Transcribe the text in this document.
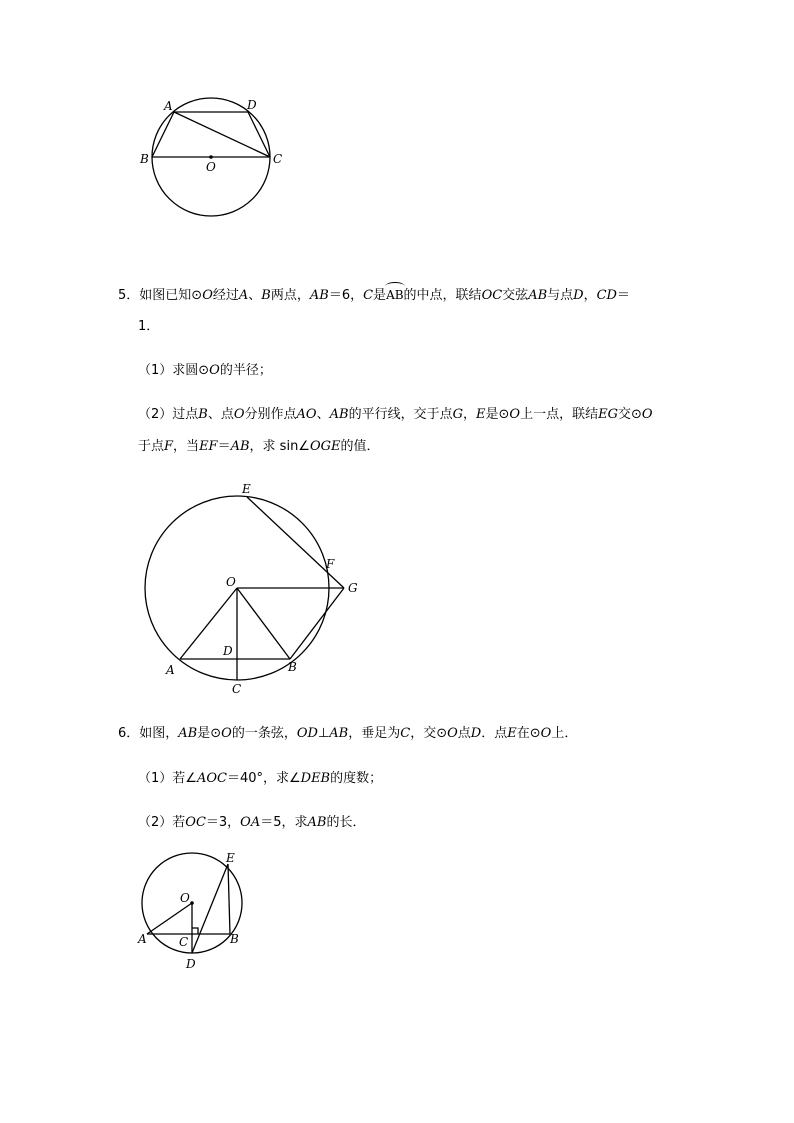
A	D
B	C
O
5．如图已知⊙O经过A、B两点，AB＝6，C是AB的中点，联结OC交弦AB与点D，CD＝
1．
（1）求圆⊙O的半径；
（2）过点B、点O分别作点AO、AB的平行线，交于点G，E是⊙O上一点，联结EG交⊙O
于点F，当EF＝AB，求 sin∠OGE的值．
E
F
O	G
D
A	B
C
6．如图，AB是⊙O的一条弦，OD⊥AB，垂足为C，交⊙O点D．点E在⊙O上．
（1）若∠AOC＝40°，求∠DEB的度数；
（2）若OC＝3，OA＝5，求AB的长．
E
O
A	C	B
D
